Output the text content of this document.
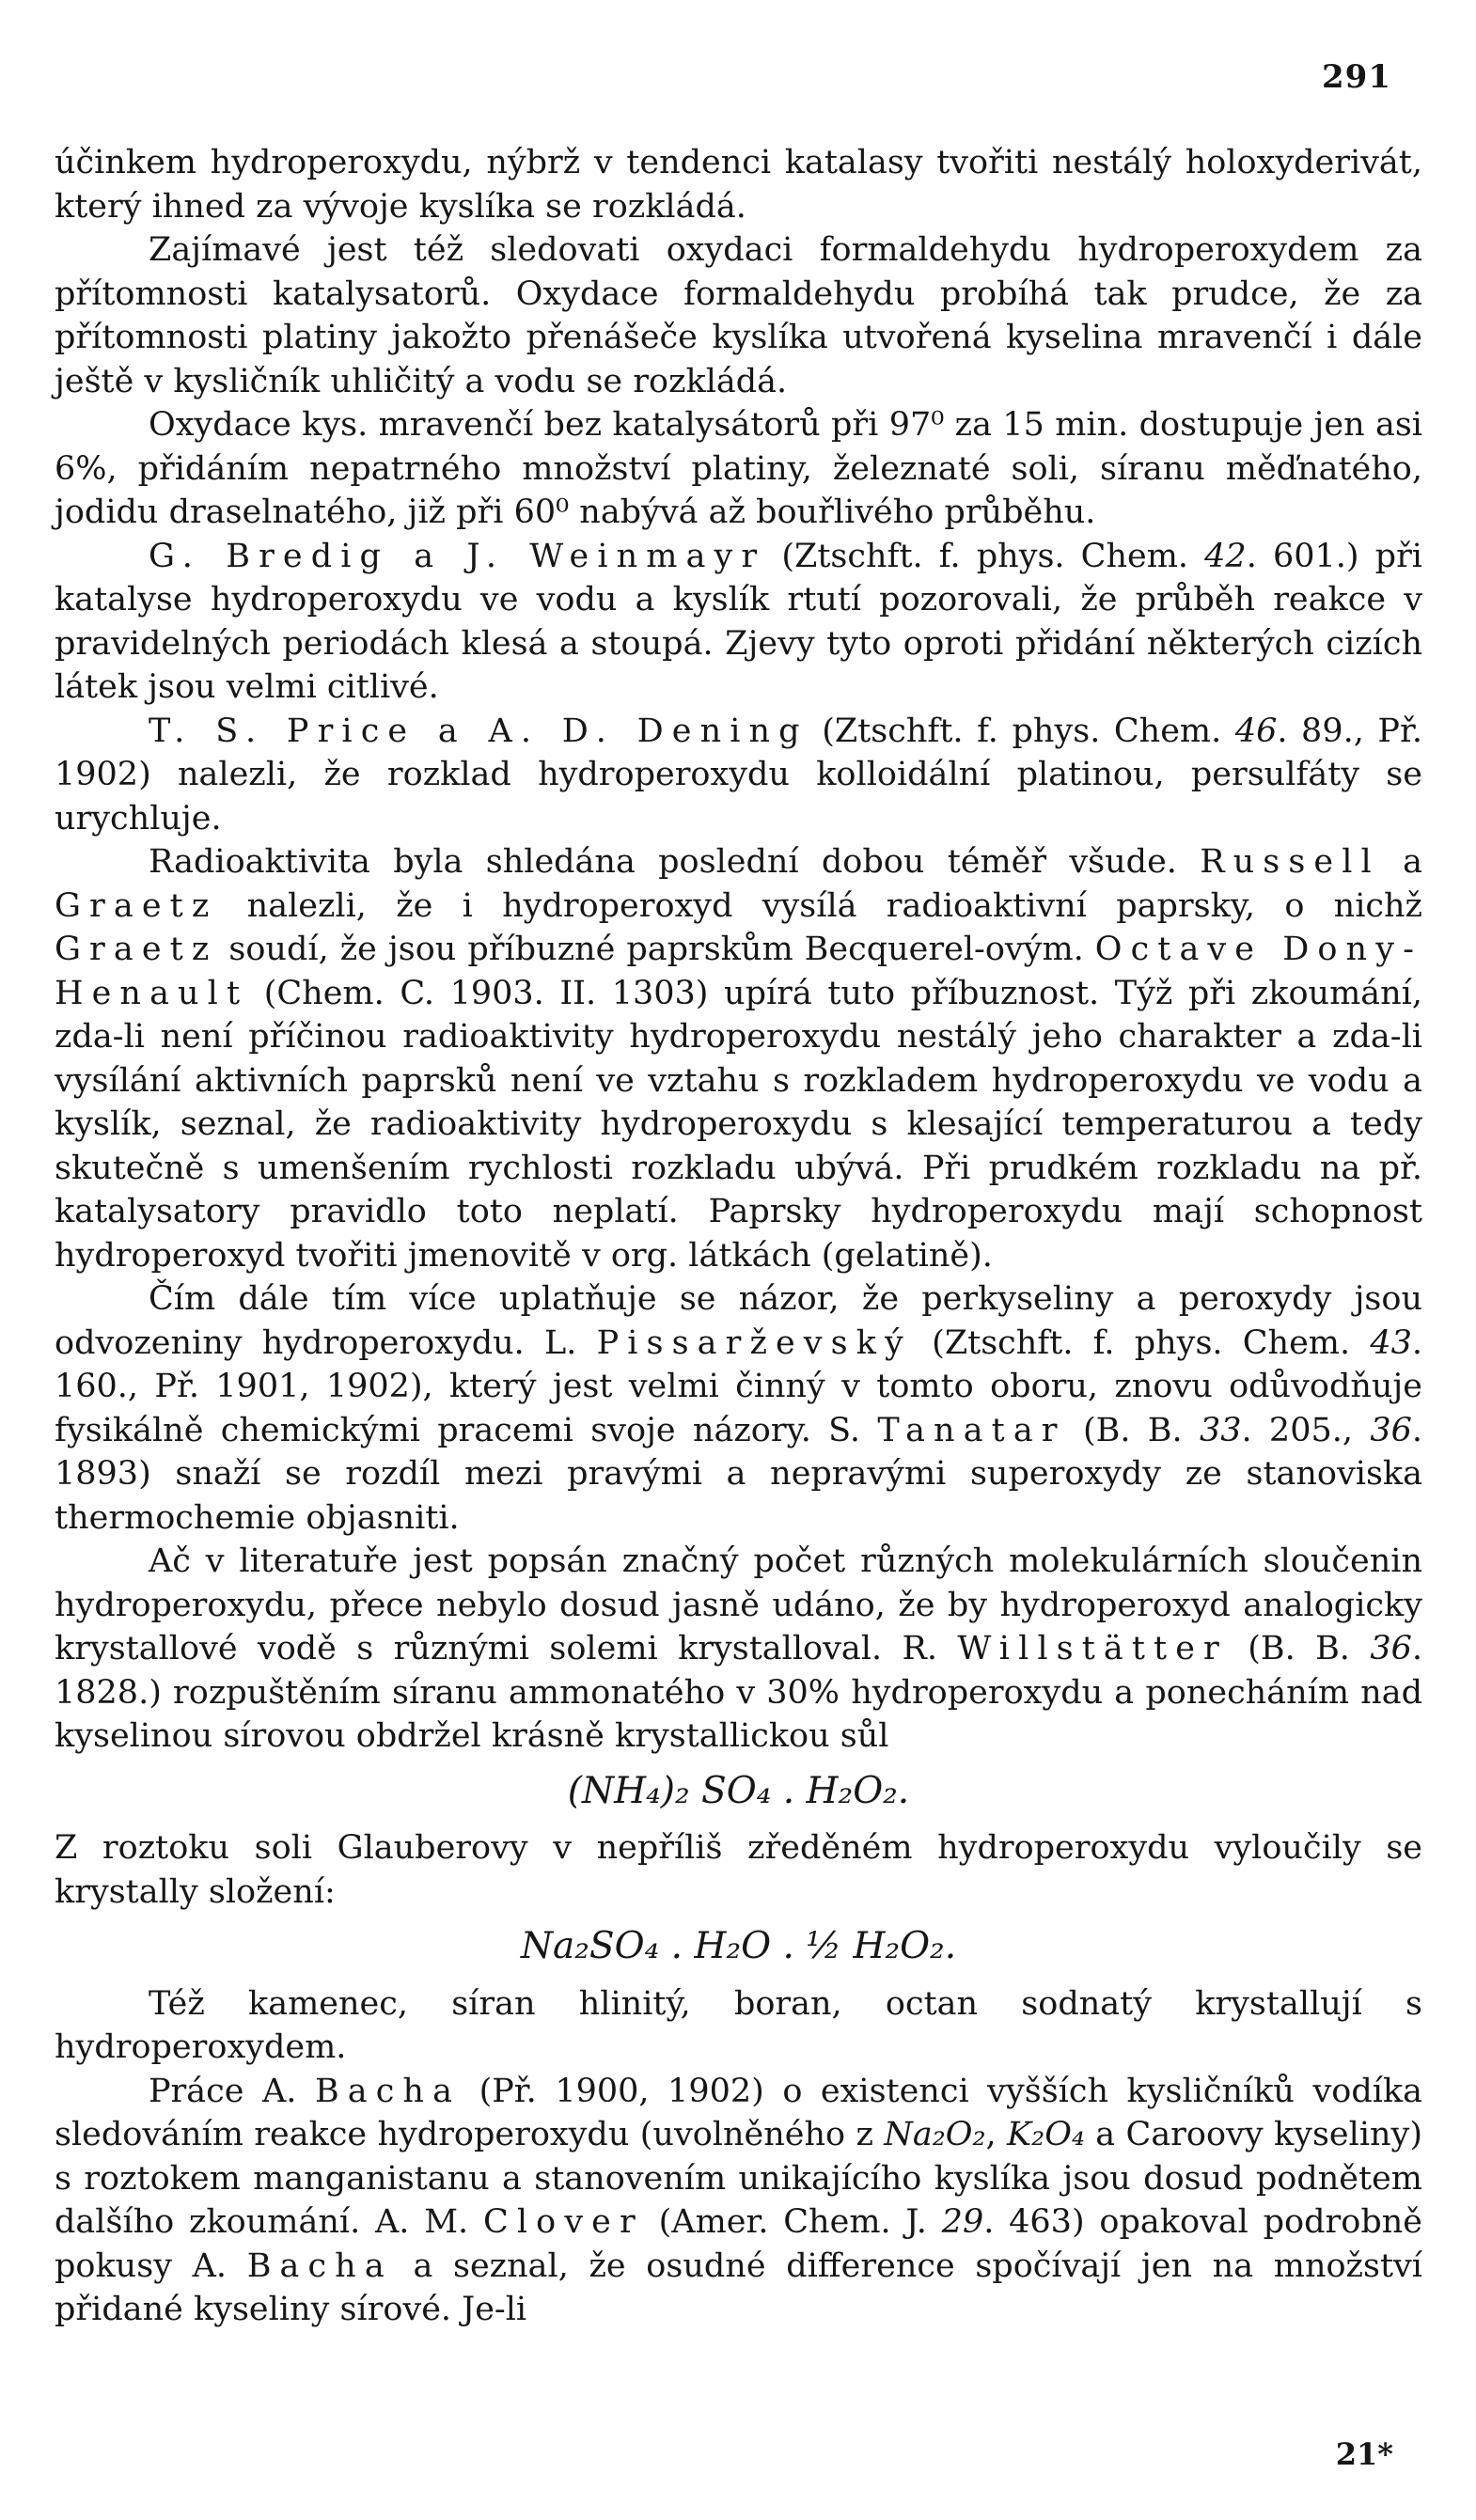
291

účinkem hydroperoxydu, nýbrž v tendenci katalasy tvořiti nestálý holoxyderivát, který ihned za vývoje kyslíka se rozkládá.

Zajímavé jest též sledovati oxydaci formaldehydu hydroperoxydem za přítomnosti katalysatorů. Oxydace formaldehydu probíhá tak prudce, že za přítomnosti platiny jakožto přenášeče kyslíka utvořená kyselina mravenčí i dále ještě v kysličník uhličitý a vodu se rozkládá.

Oxydace kys. mravenčí bez katalysátorů při 97⁰ za 15 min. dostupuje jen asi 6%, přidáním nepatrného množství platiny, železnaté soli, síranu měďnatého, jodidu draselnatého, již při 60⁰ nabývá až bouřlivého průběhu.

G. Bredig a J. Weinmayr (Ztschft. f. phys. Chem. 42. 601.) při katalyse hydroperoxydu ve vodu a kyslík rtutí pozorovali, že průběh reakce v pravidelných periodách klesá a stoupá. Zjevy tyto oproti přidání některých cizích látek jsou velmi citlivé.

T. S. Price a A. D. Dening (Ztschft. f. phys. Chem. 46. 89., Př. 1902) nalezli, že rozklad hydroperoxydu kolloidální platinou, persulfáty se urychluje.

Radioaktivita byla shledána poslední dobou téměř všude. Russell a Graetz nalezli, že i hydroperoxyd vysílá radioaktivní paprsky, o nichž Graetz soudí, že jsou příbuzné paprskům Becquerel-ovým. Octave Dony-Henault (Chem. C. 1903. II. 1303) upírá tuto příbuznost. Týž při zkoumání, zda-li není příčinou radioaktivity hydroperoxydu nestálý jeho charakter a zda-li vysílání aktivních paprsků není ve vztahu s rozkladem hydroperoxydu ve vodu a kyslík, seznal, že radioaktivity hydroperoxydu s klesající temperaturou a tedy skutečně s umenšením rychlosti rozkladu ubývá. Při prudkém rozkladu na př. katalysatory pravidlo toto neplatí. Paprsky hydroperoxydu mají schopnost hydroperoxyd tvořiti jmenovitě v org. látkách (gelatině).

Čím dále tím více uplatňuje se názor, že perkyseliny a peroxydy jsou odvozeniny hydroperoxydu. L. Pissarževský (Ztschft. f. phys. Chem. 43. 160., Př. 1901, 1902), který jest velmi činný v tomto oboru, znovu odůvodňuje fysikálně chemickými pracemi svoje názory. S. Tanatar (B. B. 33. 205., 36. 1893) snaží se rozdíl mezi pravými a nepravými superoxydy ze stanoviska thermochemie objasniti.

Ač v literatuře jest popsán značný počet různých molekulárních sloučenin hydroperoxydu, přece nebylo dosud jasně udáno, že by hydroperoxyd analogicky krystallové vodě s různými solemi krystalloval. R. Willstätter (B. B. 36. 1828.) rozpuštěním síranu ammonatého v 30% hydroperoxydu a ponecháním nad kyselinou sírovou obdržel krásně krystallickou sůl

(NH₄)₂ SO₄ . H₂O₂.

Z roztoku soli Glauberovy v nepříliš zředěném hydroperoxydu vyloučily se krystally složení:

Na₂SO₄ . H₂O . ½ H₂O₂.

Též kamenec, síran hlinitý, boran, octan sodnatý krystallují s hydroperoxydem.

Práce A. Bacha (Př. 1900, 1902) o existenci vyšších kysličníků vodíka sledováním reakce hydroperoxydu (uvolněného z Na₂O₂, K₂O₄ a Caroovy kyseliny) s roztokem manganistanu a stanovením unikajícího kyslíka jsou dosud podnětem dalšího zkoumání. A. M. Clover (Amer. Chem. J. 29. 463) opakoval podrobně pokusy A. Bacha a seznal, že osudné difference spočívají jen na množství přidané kyseliny sírové. Je-li

21*
